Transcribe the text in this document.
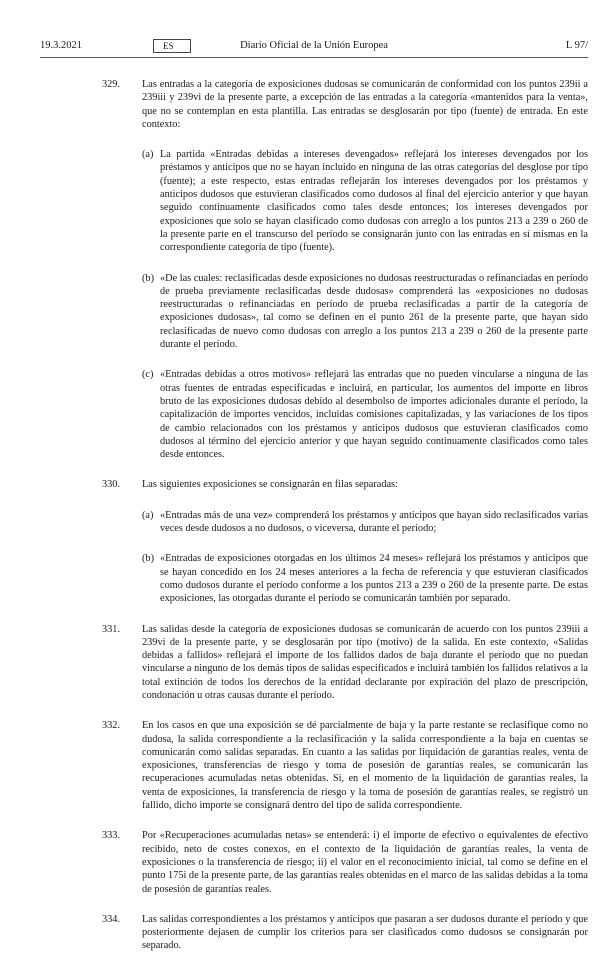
19.3.2021	ES	Diario Oficial de la Unión Europea	L 97/
329. Las entradas a la categoría de exposiciones dudosas se comunicarán de conformidad con los puntos 239ii a 239iii y 239vi de la presente parte, a excepción de las entradas a la categoría «mantenidos para la venta», que no se contemplan en esta plantilla. Las entradas se desglosarán por tipo (fuente) de entrada. En este contexto:
(a) La partida «Entradas debidas a intereses devengados» reflejará los intereses devengados por los préstamos y anticipos que no se hayan incluido en ninguna de las otras categorías del desglose por tipo (fuente); a este respecto, estas entradas reflejarán los intereses devengados por los préstamos y anticipos dudosos que estuvieran clasificados como dudosos al final del ejercicio anterior y que hayan seguido continuamente clasificados como tales desde entonces; los intereses devengados por exposiciones que solo se hayan clasificado como dudosas con arreglo a los puntos 213 a 239 o 260 de la presente parte en el transcurso del período se consignarán junto con las entradas en sí mismas en la correspondiente categoría de tipo (fuente).
(b) «De las cuales: reclasificadas desde exposiciones no dudosas reestructuradas o refinanciadas en período de prueba previamente reclasificadas desde dudosas» comprenderá las «exposiciones no dudosas reestructuradas o refinanciadas en período de prueba reclasificadas a partir de la categoría de exposiciones dudosas», tal como se definen en el punto 261 de la presente parte, que hayan sido reclasificadas de nuevo como dudosas con arreglo a los puntos 213 a 239 o 260 de la presente parte durante el período.
(c) «Entradas debidas a otros motivos» reflejará las entradas que no pueden vincularse a ninguna de las otras fuentes de entradas especificadas e incluirá, en particular, los aumentos del importe en libros bruto de las exposiciones dudosas debido al desembolso de importes adicionales durante el período, la capitalización de importes vencidos, incluidas comisiones capitalizadas, y las variaciones de los tipos de cambio relacionados con los préstamos y anticipos dudosos que estuvieran clasificados como dudosos al término del ejercicio anterior y que hayan seguido continuamente clasificados como tales desde entonces.
330. Las siguientes exposiciones se consignarán en filas separadas:
(a) «Entradas más de una vez» comprenderá los préstamos y anticipos que hayan sido reclasificados varias veces desde dudosos a no dudosos, o viceversa, durante el período;
(b) «Entradas de exposiciones otorgadas en los últimos 24 meses» reflejará los préstamos y anticipos que se hayan concedido en los 24 meses anteriores a la fecha de referencia y que estuvieran clasificados como dudosos durante el período conforme a los puntos 213 a 239 o 260 de la presente parte. De estas exposiciones, las otorgadas durante el período se comunicarán también por separado.
331. Las salidas desde la categoría de exposiciones dudosas se comunicarán de acuerdo con los puntos 239iii a 239vi de la presente parte, y se desglosarán por tipo (motivo) de la salida. En este contexto, «Salidas debidas a fallidos» reflejará el importe de los fallidos dados de baja durante el período que no puedan vincularse a ninguno de los demás tipos de salidas especificados e incluirá también los fallidos relativos a la total extinción de todos los derechos de la entidad declarante por expiración del plazo de prescripción, condonación u otras causas durante el período.
332. En los casos en que una exposición se dé parcialmente de baja y la parte restante se reclasifique como no dudosa, la salida correspondiente a la reclasificación y la salida correspondiente a la baja en cuentas se comunicarán como salidas separadas. En cuanto a las salidas por liquidación de garantías reales, venta de exposiciones, transferencias de riesgo y toma de posesión de garantías reales, se comunicarán las recuperaciones acumuladas netas obtenidas. Si, en el momento de la liquidación de garantías reales, la venta de exposiciones, la transferencia de riesgo y la toma de posesión de garantías reales, se registró un fallido, dicho importe se consignará dentro del tipo de salida correspondiente.
333. Por «Recuperaciones acumuladas netas» se entenderá: i) el importe de efectivo o equivalentes de efectivo recibido, neto de costes conexos, en el contexto de la liquidación de garantías reales, la venta de exposiciones o la transferencia de riesgo; ii) el valor en el reconocimiento inicial, tal como se define en el punto 175i de la presente parte, de las garantías reales obtenidas en el marco de las salidas debidas a la toma de posesión de garantías reales.
334. Las salidas correspondientes a los préstamos y anticipos que pasaran a ser dudosos durante el período y que posteriormente dejasen de cumplir los criterios para ser clasificados como dudosos se consignarán por separado.
